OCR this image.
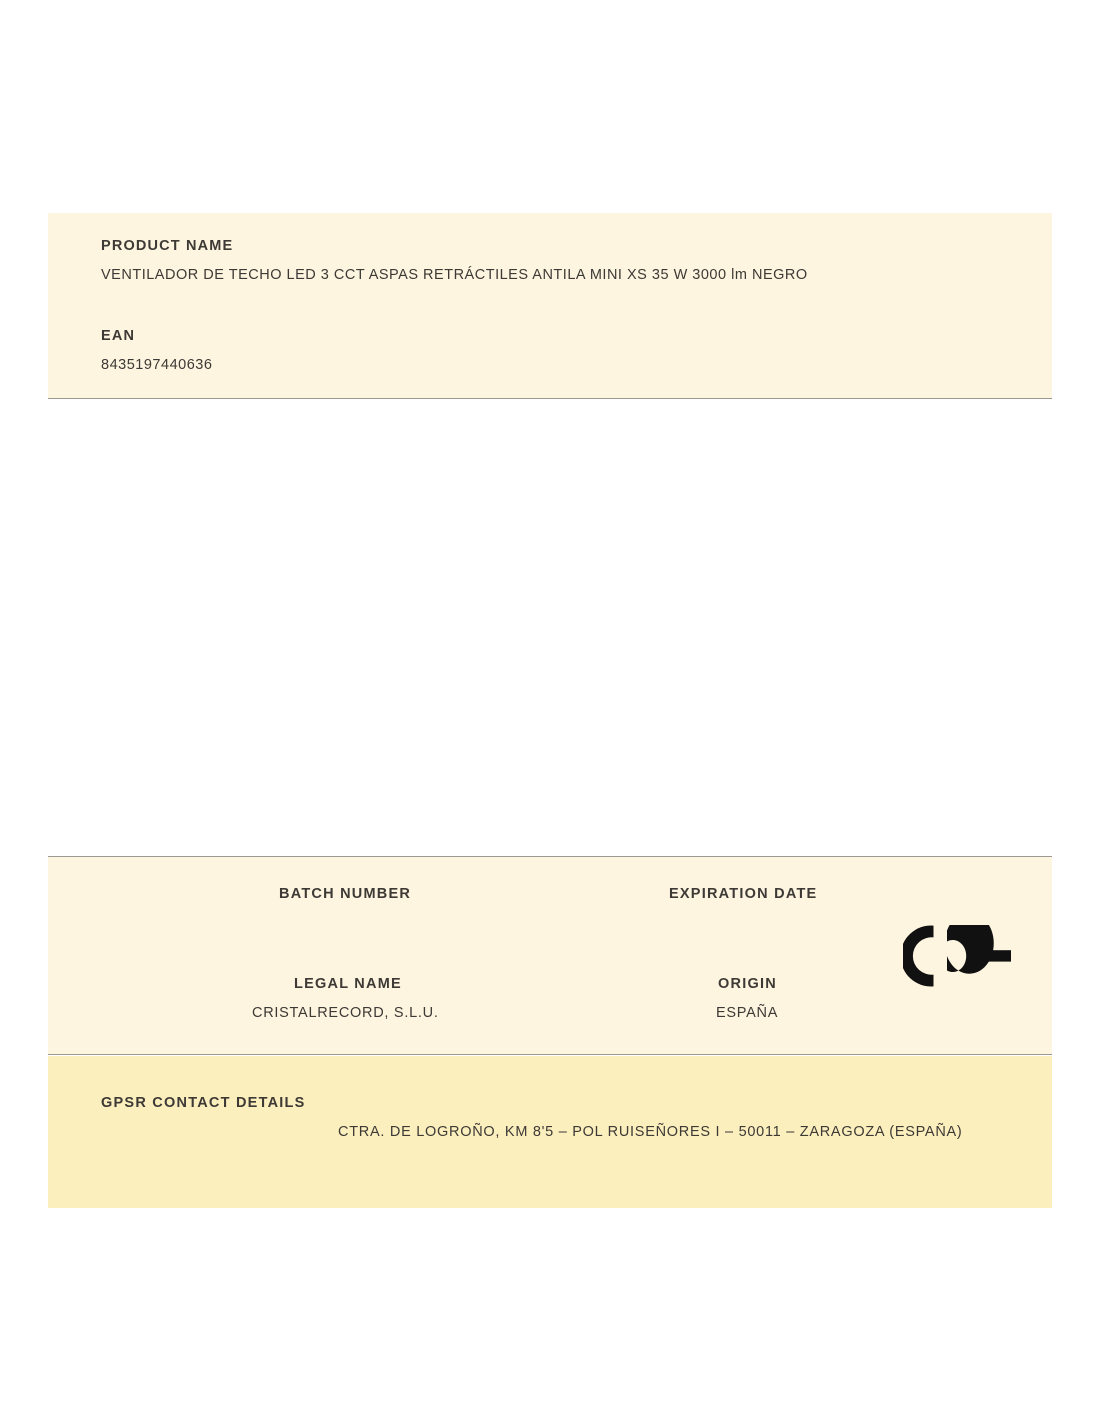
PRODUCT NAME
VENTILADOR DE TECHO LED 3 CCT ASPAS RETRÁCTILES ANTILA MINI XS 35 W 3000 lm NEGRO
EAN
8435197440636
BATCH NUMBER	EXPIRATION DATE
LEGAL NAME	ORIGIN
CRISTALRECORD, S.L.U.	ESPAÑA
GPSR CONTACT DETAILS
CTRA. DE LOGROÑO, KM 8'5 – POL RUISEÑORES I – 50011 – ZARAGOZA (ESPAÑA)
